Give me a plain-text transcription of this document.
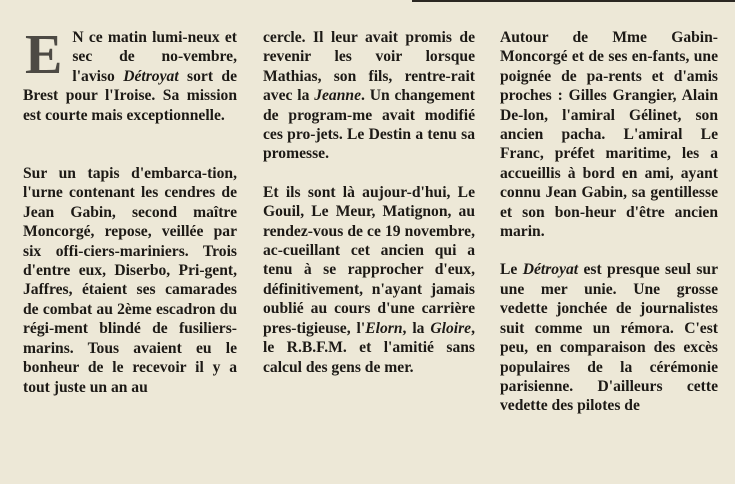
E N ce matin lumi-neux et sec de no-vembre, l'aviso Détroyat sort de Brest pour l'Iroise. Sa mission est courte mais exceptionnelle.

Sur un tapis d'embarca-tion, l'urne contenant les cendres de Jean Gabin, second maître Moncorgé, repose, veillée par six offi-ciers-mariniers. Trois d'entre eux, Diserbo, Pri-gent, Jaffres, étaient ses camarades de combat au 2ème escadron du régi-ment blindé de fusiliers-marins. Tous avaient eu le bonheur de le recevoir il y a tout juste un an au

cercle. Il leur avait promis de revenir les voir lorsque Mathias, son fils, rentre-rait avec la Jeanne. Un changement de program-me avait modifié ces pro-jets. Le Destin a tenu sa promesse.

Et ils sont là aujour-d'hui, Le Gouil, Le Meur, Matignon, au rendez-vous de ce 19 novembre, ac-cueillant cet ancien qui a tenu à se rapprocher d'eux, définitivement, n'ayant jamais oublié au cours d'une carrière pres-tigieuse, l'Elorn, la Gloire, le R.B.F.M. et l'amitié sans calcul des gens de mer.

Autour de Mme Gabin-Moncorgé et de ses en-fants, une poignée de pa-rents et d'amis proches : Gilles Grangier, Alain De-lon, l'amiral Gélinet, son ancien pacha. L'amiral Le Franc, préfet maritime, les a accueillis à bord en ami, ayant connu Jean Gabin, sa gentillesse et son bon-heur d'être ancien marin.

Le Détroyat est presque seul sur une mer unie. Une grosse vedette jonchée de journalistes suit comme un rémora. C'est peu, en comparaison des excès populaires de la cérémonie parisienne. D'ailleurs cette vedette des pilotes de
